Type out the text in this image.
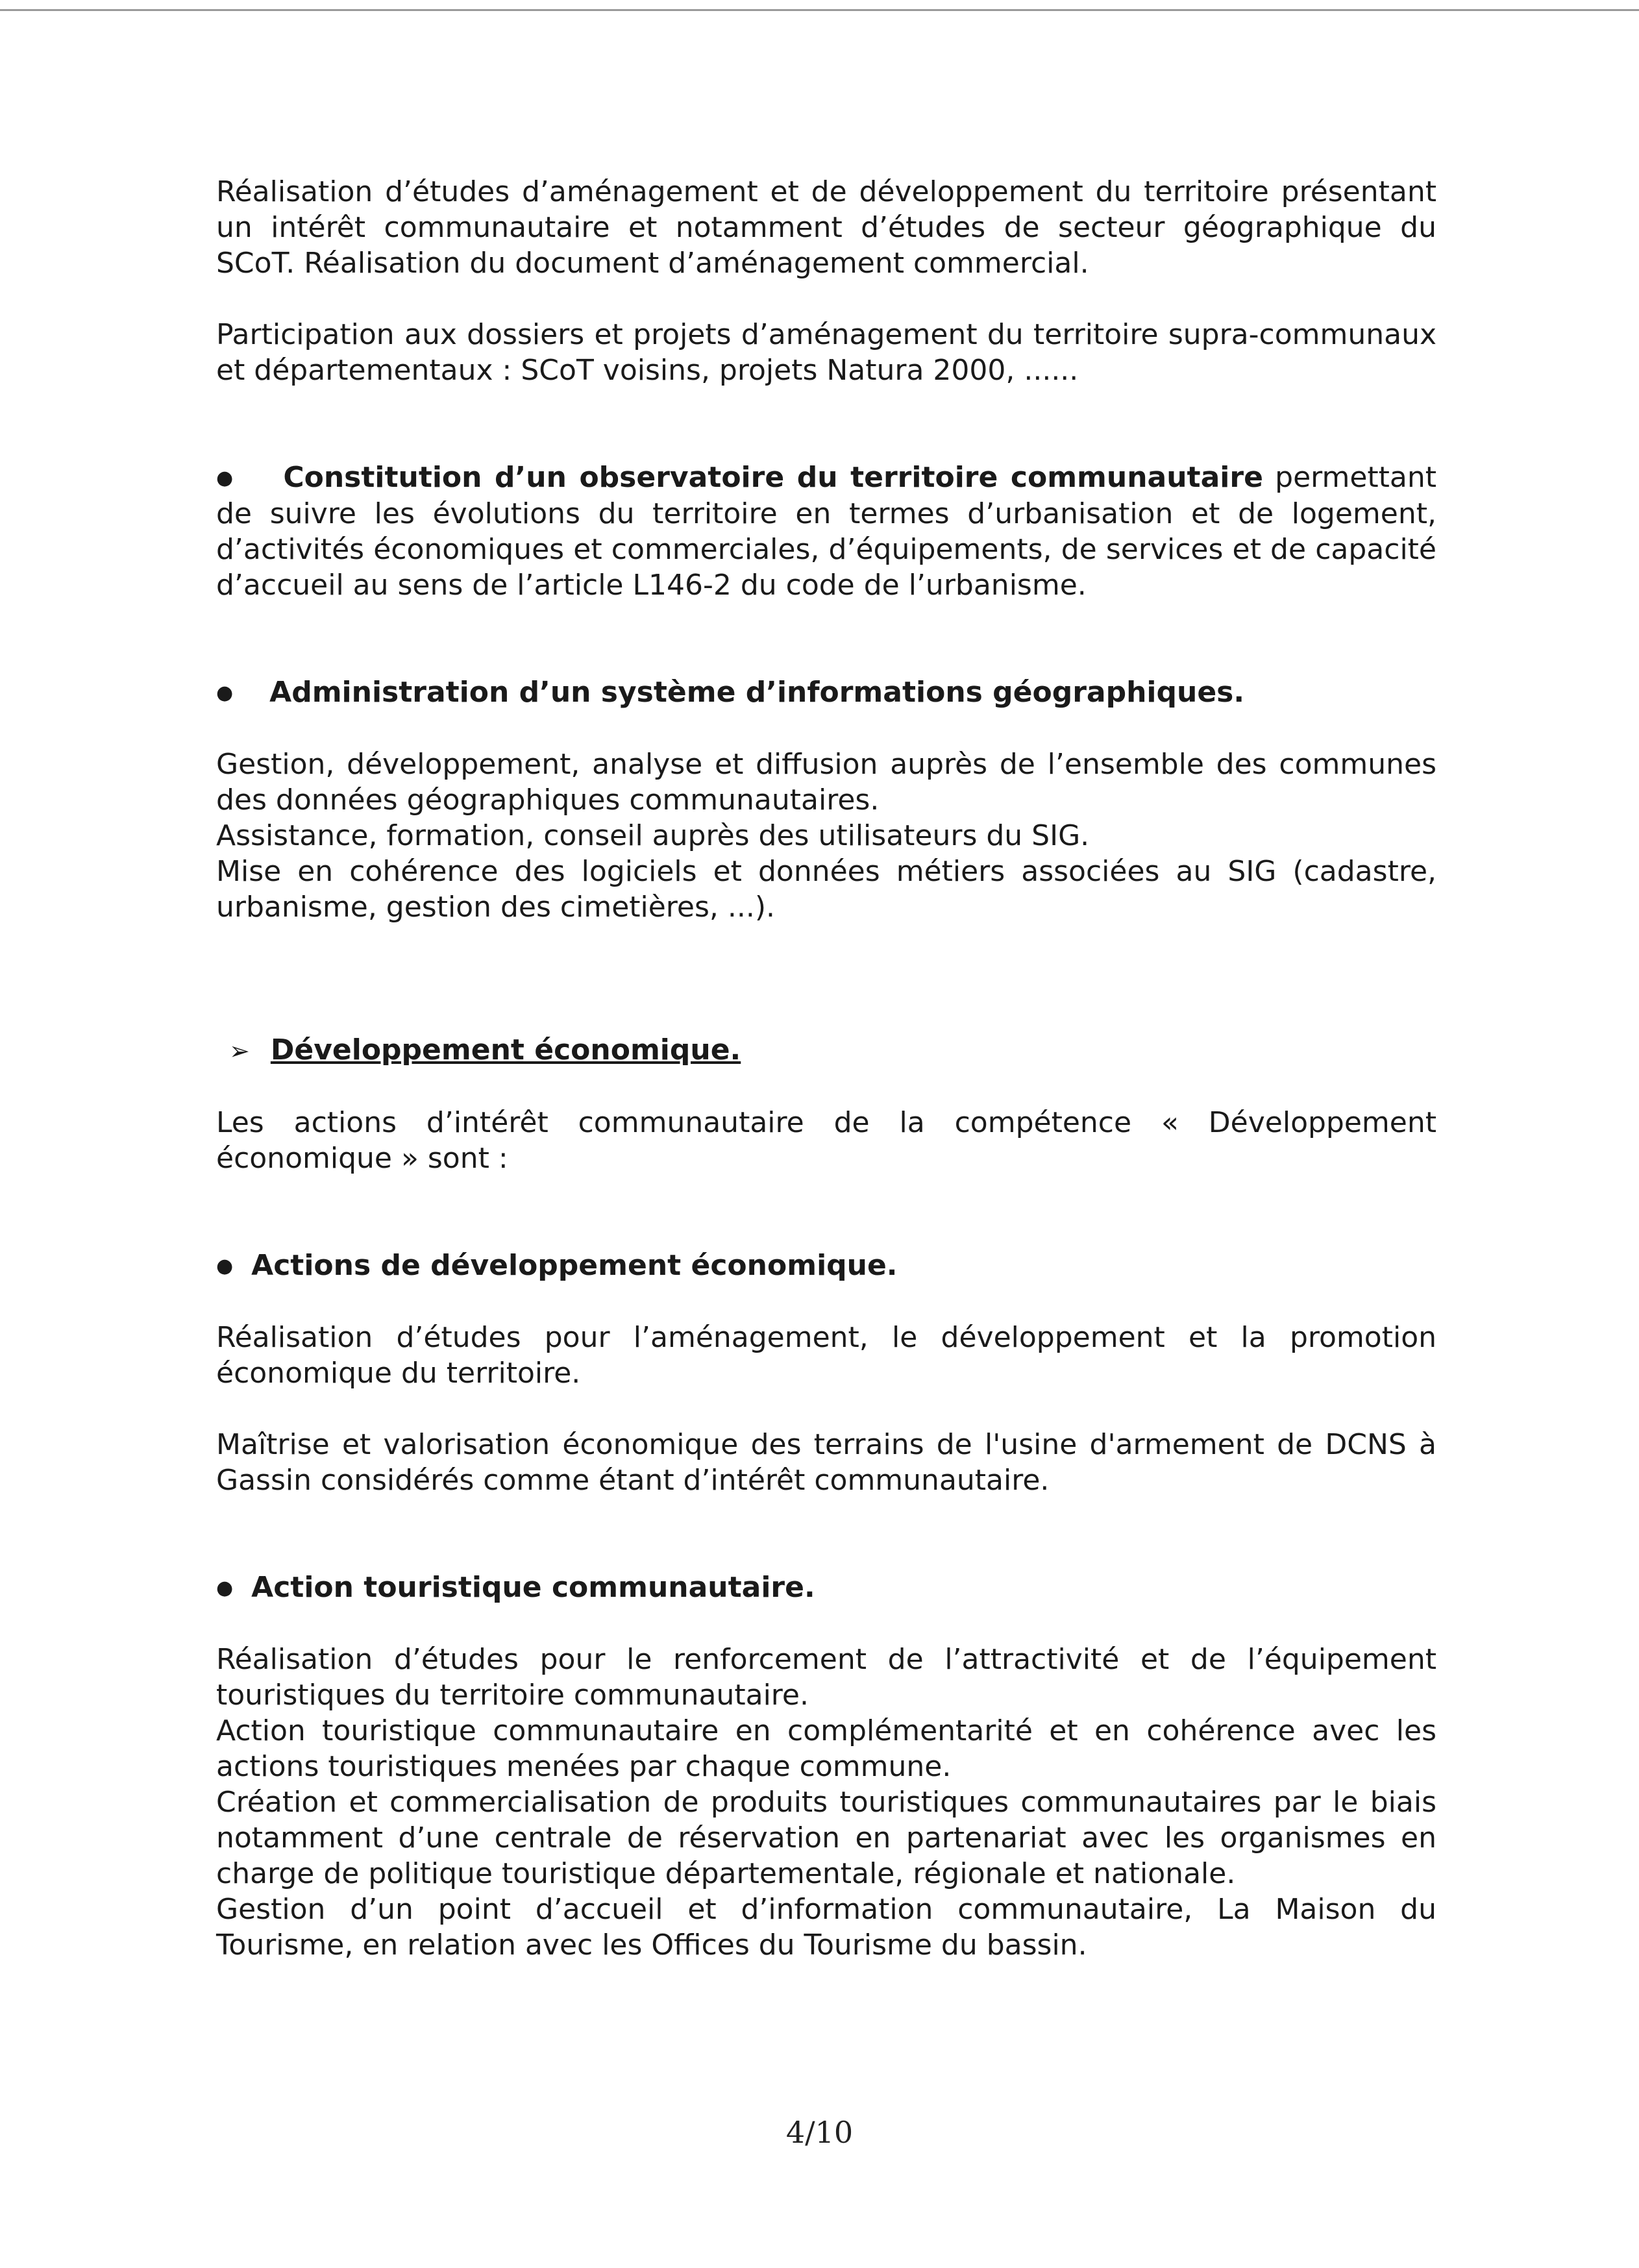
Réalisation d’études d’aménagement et de développement du territoire présentant un intérêt communautaire et notamment d’études de secteur géographique du SCoT. Réalisation du document d’aménagement commercial.

Participation aux dossiers et projets d’aménagement du territoire supra-communaux et départementaux : SCoT voisins, projets Natura 2000, ......

● Constitution d’un observatoire du territoire communautaire permettant de suivre les évolutions du territoire en termes d’urbanisation et de logement, d’activités économiques et commerciales, d’équipements, de services et de capacité d’accueil au sens de l’article L146-2 du code de l’urbanisme.

● Administration d’un système d’informations géographiques.

Gestion, développement, analyse et diffusion auprès de l’ensemble des communes des données géographiques communautaires.

Assistance, formation, conseil auprès des utilisateurs du SIG.

Mise en cohérence des logiciels et données métiers associées au SIG (cadastre, urbanisme, gestion des cimetières, ...).

➢ Développement économique.

Les actions d’intérêt communautaire de la compétence « Développement économique » sont :

● Actions de développement économique.

Réalisation d’études pour l’aménagement, le développement et la promotion économique du territoire.

Maîtrise et valorisation économique des terrains de l'usine d'armement de DCNS à Gassin considérés comme étant d’intérêt communautaire.

● Action touristique communautaire.

Réalisation d’études pour le renforcement de l’attractivité et de l’équipement touristiques du territoire communautaire.

Action touristique communautaire en complémentarité et en cohérence avec les actions touristiques menées par chaque commune.

Création et commercialisation de produits touristiques communautaires par le biais notamment d’une centrale de réservation en partenariat avec les organismes en charge de politique touristique départementale, régionale et nationale.

Gestion d’un point d’accueil et d’information communautaire, La Maison du Tourisme, en relation avec les Offices du Tourisme du bassin.

4/10
